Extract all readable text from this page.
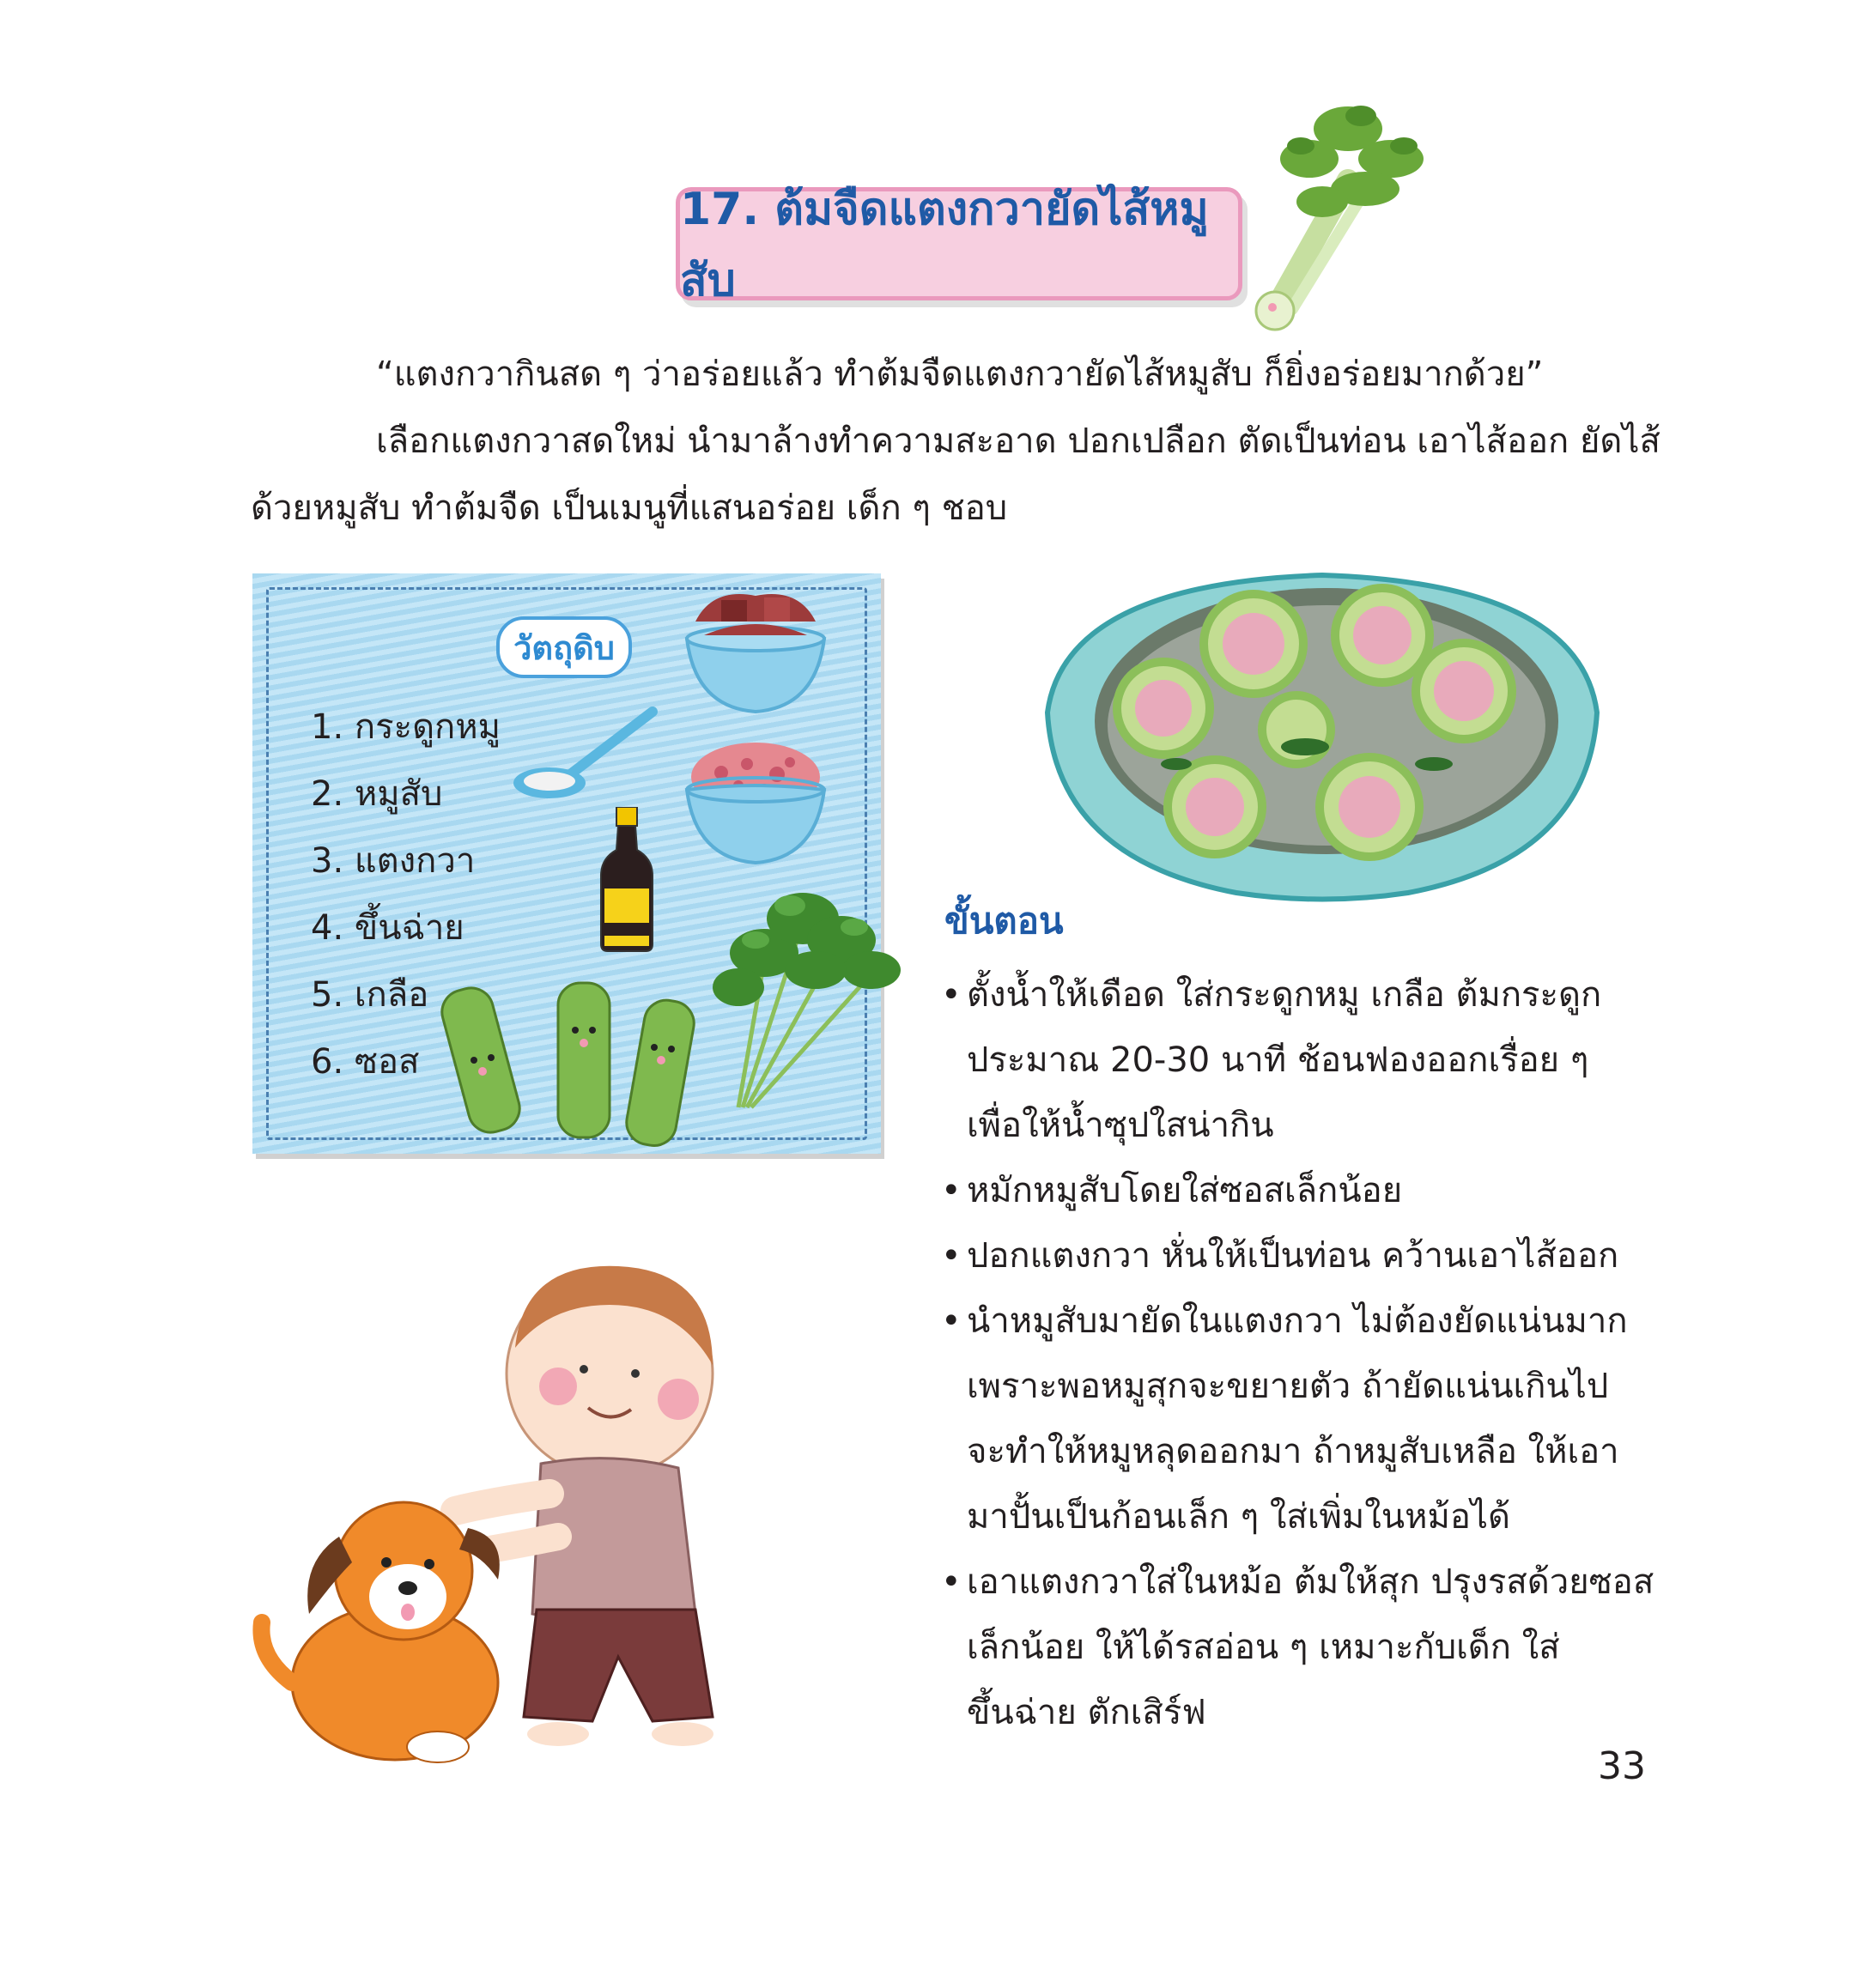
17. ต้มจืดแตงกวายัดไส้หมูสับ
“แตงกวากินสด ๆ ว่าอร่อยแล้ว ทำต้มจืดแตงกวายัดไส้หมูสับ ก็ยิ่งอร่อยมากด้วย”
เลือกแตงกวาสดใหม่ นำมาล้างทำความสะอาด ปอกเปลือก ตัดเป็นท่อน เอาไส้ออก ยัดไส้
ด้วยหมูสับ ทำต้มจืด เป็นเมนูที่แสนอร่อย เด็ก ๆ ชอบ
วัตถุดิบ
1. กระดูกหมู
2. หมูสับ
3. แตงกวา
4. ขึ้นฉ่าย
5. เกลือ
6. ซอส
ขั้นตอน
• ตั้งน้ำให้เดือด ใส่กระดูกหมู เกลือ ต้มกระดูก
ประมาณ 20-30 นาที ช้อนฟองออกเรื่อย ๆ
เพื่อให้น้ำซุปใสน่ากิน
• หมักหมูสับโดยใส่ซอสเล็กน้อย
• ปอกแตงกวา หั่นให้เป็นท่อน คว้านเอาไส้ออก
• นำหมูสับมายัดในแตงกวา ไม่ต้องยัดแน่นมาก
เพราะพอหมูสุกจะขยายตัว ถ้ายัดแน่นเกินไป
จะทำให้หมูหลุดออกมา ถ้าหมูสับเหลือ ให้เอา
มาปั้นเป็นก้อนเล็ก ๆ ใส่เพิ่มในหม้อได้
• เอาแตงกวาใส่ในหม้อ ต้มให้สุก ปรุงรสด้วยซอส
เล็กน้อย ให้ได้รสอ่อน ๆ เหมาะกับเด็ก ใส่
ขึ้นฉ่าย ตักเสิร์ฟ
33
